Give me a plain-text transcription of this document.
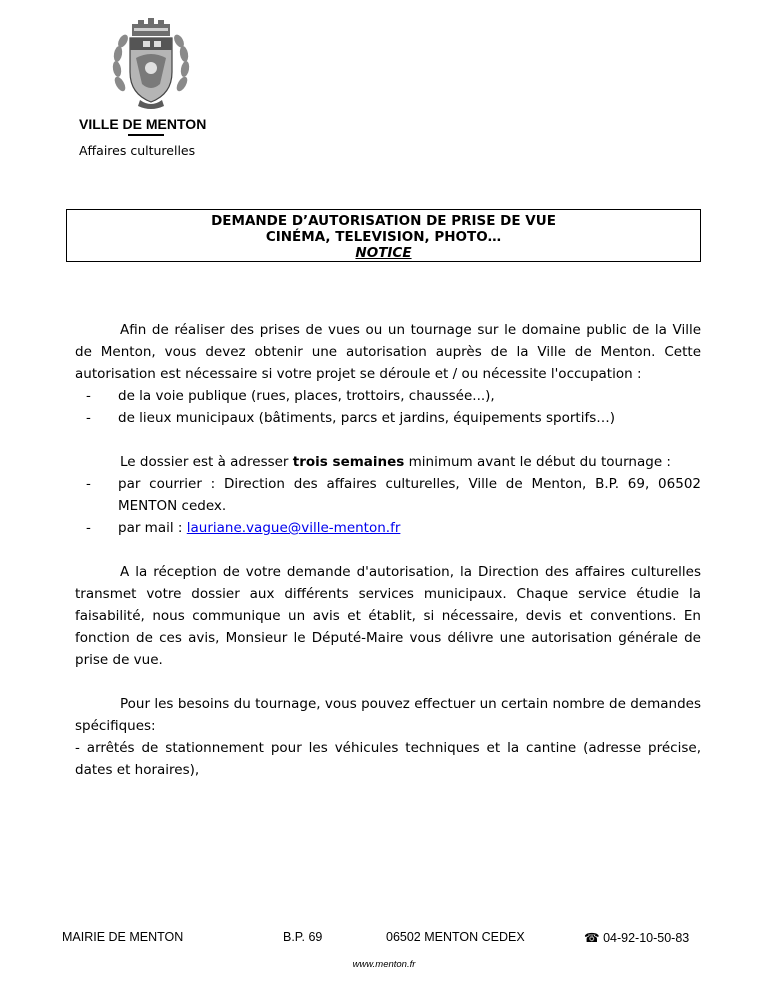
VILLE DE MENTON
Affaires culturelles
DEMANDE D’AUTORISATION DE PRISE DE VUE
CINÉMA, TELEVISION, PHOTO…
NOTICE

Afin de réaliser des prises de vues ou un tournage sur le domaine public de la Ville de Menton, vous devez obtenir une autorisation auprès de la Ville de Menton. Cette autorisation est nécessaire si votre projet se déroule et / ou nécessite l'occupation :

- de la voie publique (rues, places, trottoirs, chaussée...),

- de lieux municipaux (bâtiments, parcs et jardins, équipements sportifs…)

Le dossier est à adresser trois semaines minimum avant le début du tournage :

- par courrier : Direction des affaires culturelles, Ville de Menton, B.P. 69, 06502 MENTON cedex.

- par mail : lauriane.vague@ville-menton.fr

A la réception de votre demande d'autorisation, la Direction des affaires culturelles transmet votre dossier aux différents services municipaux. Chaque service étudie la faisabilité, nous communique un avis et établit, si nécessaire, devis et conventions. En fonction de ces avis, Monsieur le Député-Maire vous délivre une autorisation générale de prise de vue.

Pour les besoins du tournage, vous pouvez effectuer un certain nombre de demandes spécifiques:

- arrêtés de stationnement pour les véhicules techniques et la cantine (adresse précise, dates et horaires),

MAIRIE DE MENTON	B.P. 69	06502 MENTON CEDEX	☎ 04-92-10-50-83
www.menton.fr
